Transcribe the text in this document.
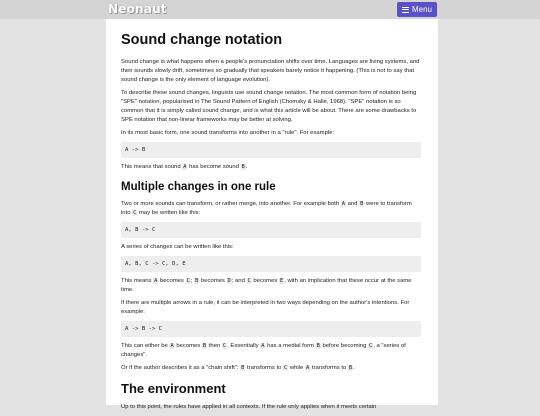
Neonaut	Menu
Sound change notation

Sound change is what happens when a people's pronunciation shifts over time. Languages are living systems, and their sounds slowly drift, sometimes so gradually that speakers barely notice it happening. (This is not to say that sound change is the only element of language evolution).

To describe these sound changes, linguists use sound change notation. The most common form of notation being "SPE" notation, popularised in The Sound Pattern of English (Chomsky & Halle, 1968). "SPE" notation is so common that it is simply called sound change, and is what this article will be about. There are some drawbacks to SPE notation that non-linear frameworks may be better at solving.

In its most basic form, one sound transforms into another in a "rule". For example:

A -> B

This means that sound A has become sound B.

Multiple changes in one rule

Two or more sounds can transform, or rather merge, into another. For example both A and B were to transform into C may be written like this:

A, B -> C

A series of changes can be written like this:

A, B, C -> C, D, E

This means A becomes C; B becomes D; and C becomes E, with an implication that these occur at the same time.

If there are multiple arrows in a rule, it can be interpreted in two ways depending on the author's intentions. For example:

A -> B -> C

This can either be A becomes B then C. Essentially A has a medial form B before becoming C, a "series of changes".

Or if the author describes it as a "chain shift": B transforms to C while A transforms to B.

The environment

Up to this point, the rules have applied in all contexts. If the rule only applies when it meets certain
